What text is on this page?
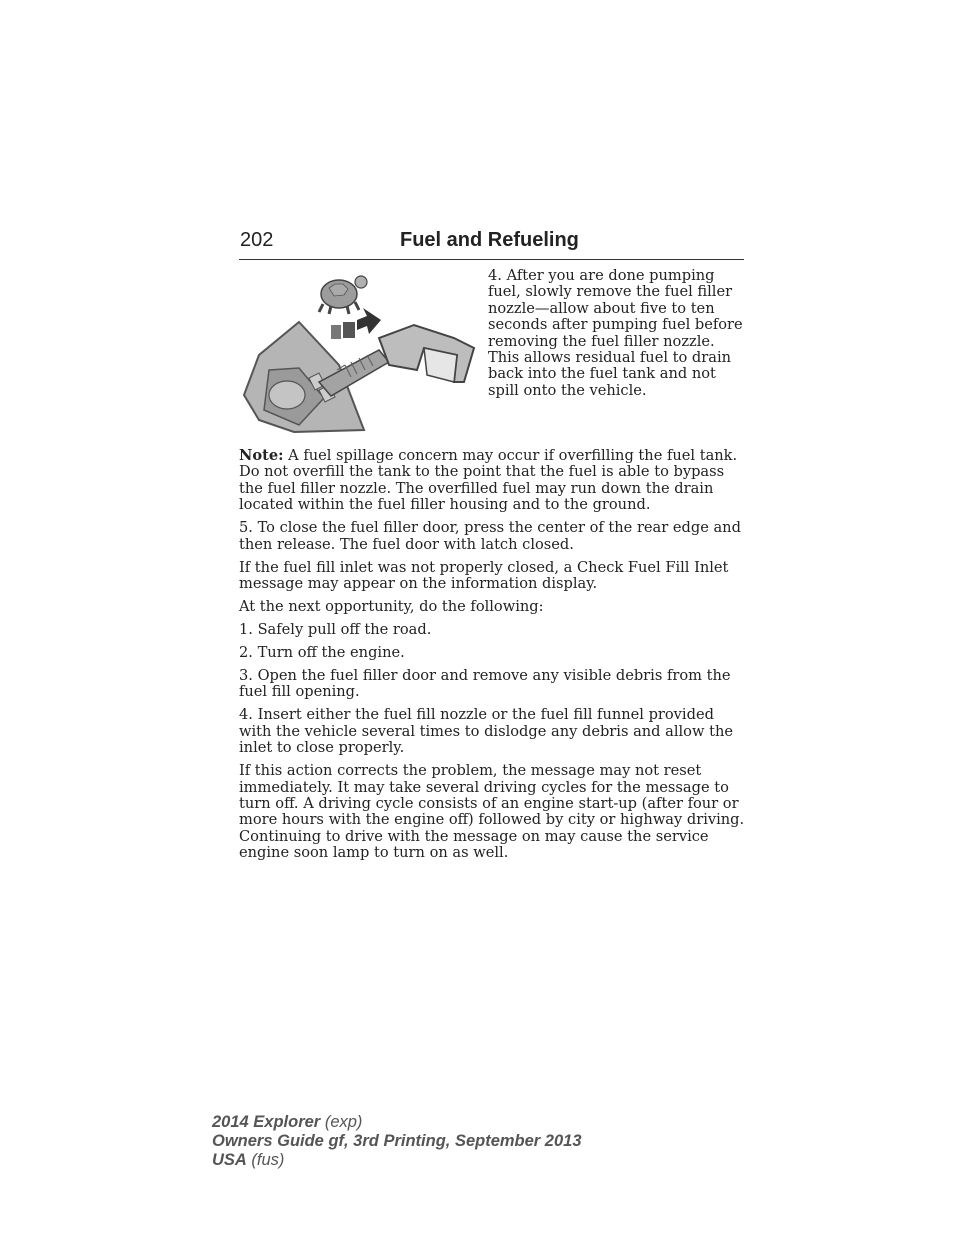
202	Fuel and Refueling

4. After you are done pumping fuel, slowly remove the fuel filler nozzle—allow about five to ten seconds after pumping fuel before removing the fuel filler nozzle. This allows residual fuel to drain back into the fuel tank and not spill onto the vehicle.

Note: A fuel spillage concern may occur if overfilling the fuel tank. Do not overfill the tank to the point that the fuel is able to bypass the fuel filler nozzle. The overfilled fuel may run down the drain located within the fuel filler housing and to the ground.

5. To close the fuel filler door, press the center of the rear edge and then release. The fuel door with latch closed.

If the fuel fill inlet was not properly closed, a Check Fuel Fill Inlet message may appear on the information display.

At the next opportunity, do the following:

1. Safely pull off the road.

2. Turn off the engine.

3. Open the fuel filler door and remove any visible debris from the fuel fill opening.

4. Insert either the fuel fill nozzle or the fuel fill funnel provided with the vehicle several times to dislodge any debris and allow the inlet to close properly.

If this action corrects the problem, the message may not reset immediately. It may take several driving cycles for the message to turn off. A driving cycle consists of an engine start-up (after four or more hours with the engine off) followed by city or highway driving. Continuing to drive with the message on may cause the service engine soon lamp to turn on as well.

2014 Explorer (exp)
Owners Guide gf, 3rd Printing, September 2013
USA (fus)
